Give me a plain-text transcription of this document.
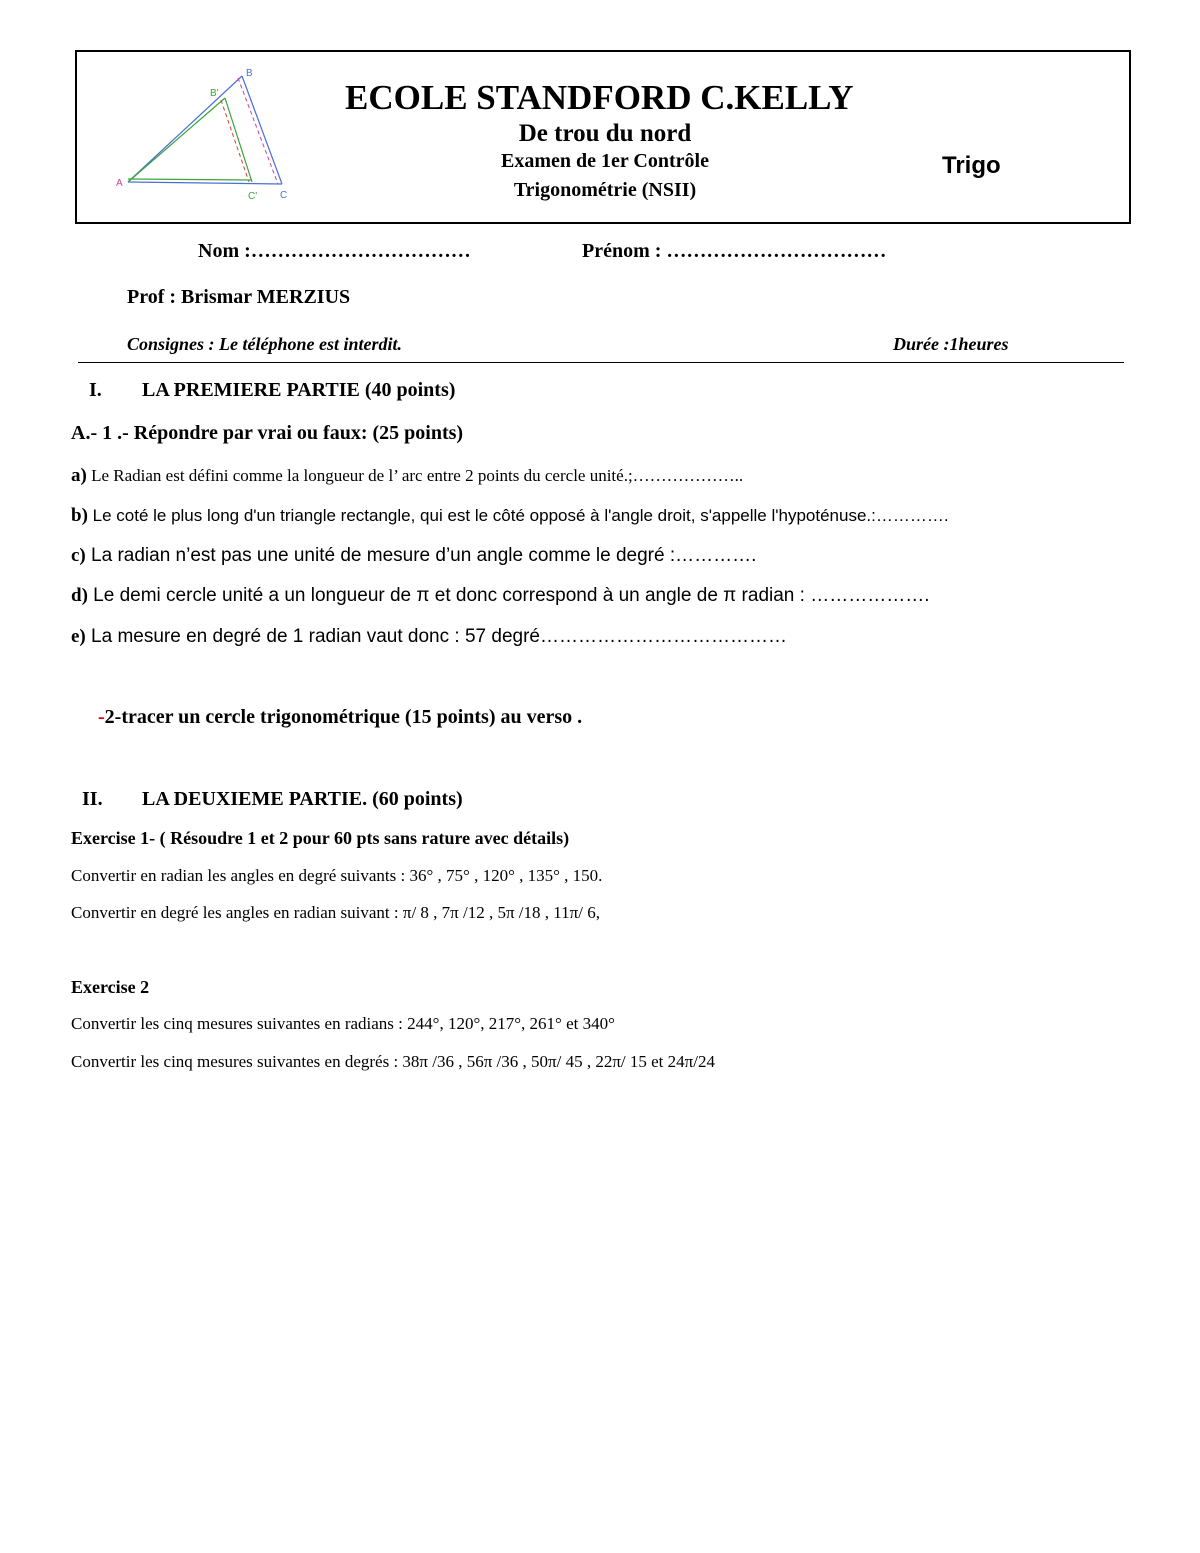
A
B'
B
C' C
ECOLE STANDFORD C.KELLY
De trou du nord
Examen de 1er Contrôle
Trigonométrie (NSII)
Trigo
Nom :……………………………	Prénom : ……………………………
Prof : Brismar MERZIUS
Consignes : Le téléphone est interdit.	Durée :1heures
I. LA PREMIERE PARTIE (40 points)
A.- 1 .- Répondre par vrai ou faux: (25 points)
a) Le Radian est défini comme la longueur de l’ arc entre 2 points du cercle unité.;………………..
b) Le coté le plus long d'un triangle rectangle, qui est le côté opposé à l'angle droit, s'appelle l'hypoténuse.:………….
c) La radian n’est pas une unité de mesure d’un angle comme le degré :………….
d) Le demi cercle unité a un longueur de π et donc correspond à un angle de π radian : ……………….
e) La mesure en degré de 1 radian vaut donc : 57 degré…………………………………
-2-tracer un cercle trigonométrique (15 points) au verso .
II. LA DEUXIEME PARTIE. (60 points)
Exercise 1- ( Résoudre 1 et 2 pour 60 pts sans rature avec détails)
Convertir en radian les angles en degré suivants : 36° , 75° , 120° , 135° , 150.
Convertir en degré les angles en radian suivant : π/ 8 , 7π /12 , 5π /18 , 11π/ 6,
Exercise 2
Convertir les cinq mesures suivantes en radians : 244°, 120°, 217°, 261° et 340°
Convertir les cinq mesures suivantes en degrés : 38π /36 , 56π /36 , 50π/ 45 , 22π/ 15 et 24π/24
